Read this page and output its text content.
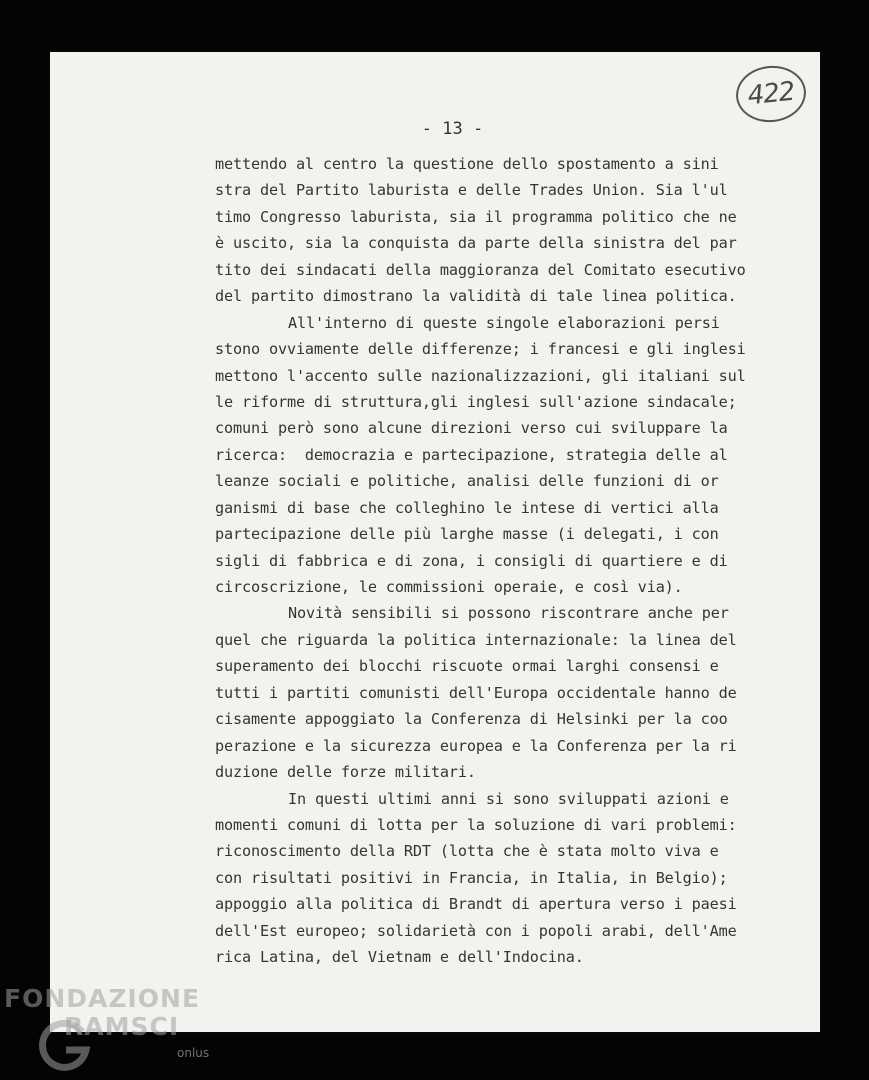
422
- 13 -
mettendo al centro la questione dello spostamento a sini
stra del Partito laburista e delle Trades Union. Sia l'ul
timo Congresso laburista, sia il programma politico che ne
è uscito, sia la conquista da parte della sinistra del par
tito dei sindacati della maggioranza del Comitato esecutivo
del partito dimostrano la validità di tale linea politica.
All'interno di queste singole elaborazioni persi
stono ovviamente delle differenze; i francesi e gli inglesi
mettono l'accento sulle nazionalizzazioni, gli italiani sul
le riforme di struttura,gli inglesi sull'azione sindacale;
comuni però sono alcune direzioni verso cui sviluppare la
ricerca:  democrazia e partecipazione, strategia delle al
leanze sociali e politiche, analisi delle funzioni di or
ganismi di base che colleghino le intese di vertici alla
partecipazione delle più larghe masse (i delegati, i con
sigli di fabbrica e di zona, i consigli di quartiere e di
circoscrizione, le commissioni operaie, e così via).
Novità sensibili si possono riscontrare anche per
quel che riguarda la politica internazionale: la linea del
superamento dei blocchi riscuote ormai larghi consensi e
tutti i partiti comunisti dell'Europa occidentale hanno de
cisamente appoggiato la Conferenza di Helsinki per la coo
perazione e la sicurezza europea e la Conferenza per la ri
duzione delle forze militari.
In questi ultimi anni si sono sviluppati azioni e
momenti comuni di lotta per la soluzione di vari problemi:
riconoscimento della RDT (lotta che è stata molto viva e
con risultati positivi in Francia, in Italia, in Belgio);
appoggio alla politica di Brandt di apertura verso i paesi
dell'Est europeo; solidarietà con i popoli arabi, dell'Ame
rica Latina, del Vietnam e dell'Indocina.
FONDAZIONE
RAMSCI
onlus
